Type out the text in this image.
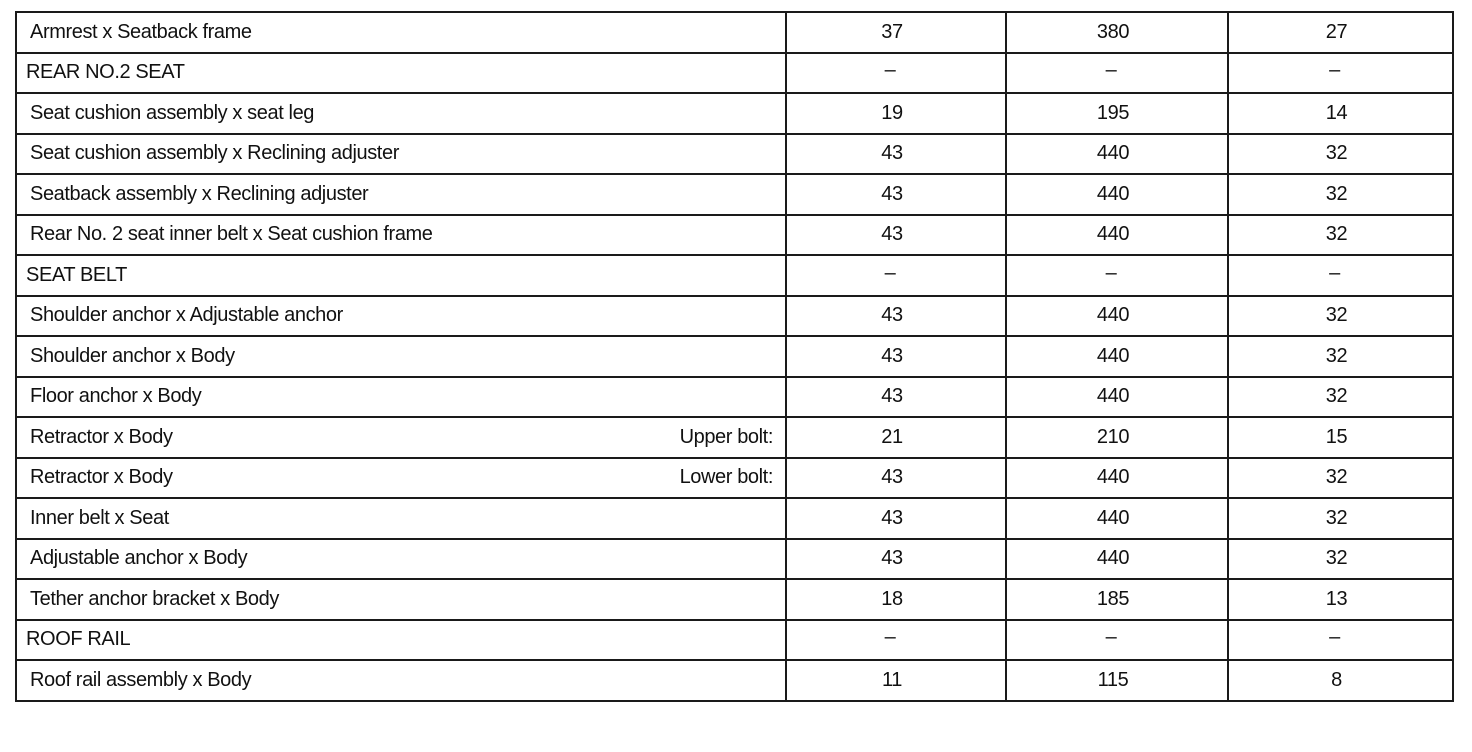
Armrest x Seatback frame	37	380	27

REAR NO.2 SEAT	–	–	–

Seat cushion assembly x seat leg	19	195	14

Seat cushion assembly x Reclining adjuster	43	440	32

Seatback assembly x Reclining adjuster	43	440	32

Rear No. 2 seat inner belt x Seat cushion frame	43	440	32

SEAT BELT	–	–	–

Shoulder anchor x Adjustable anchor	43	440	32

Shoulder anchor x Body	43	440	32

Floor anchor x Body	43	440	32

Retractor x Body Upper bolt:	21	210	15

Retractor x Body Lower bolt:	43	440	32

Inner belt x Seat	43	440	32

Adjustable anchor x Body	43	440	32

Tether anchor bracket x Body	18	185	13

ROOF RAIL	–	–	–

Roof rail assembly x Body	11	115	8
